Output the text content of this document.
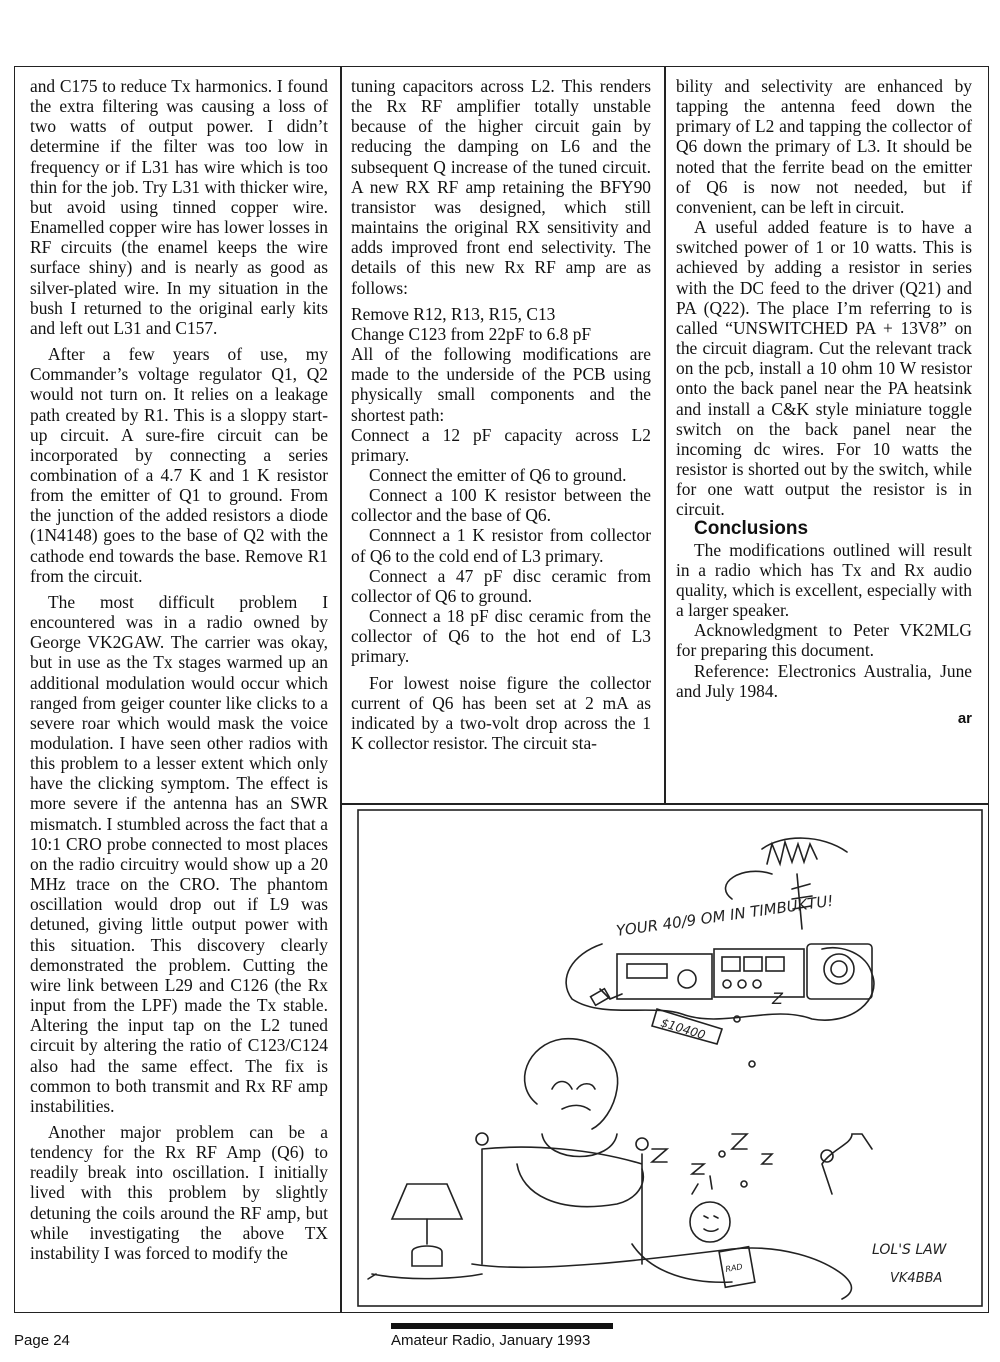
and C175 to reduce Tx harmonics. I found the extra filtering was causing a loss of two watts of output power. I didn’t determine if the filter was too low in frequency or if L31 has wire which is too thin for the job. Try L31 with thicker wire, but avoid using tinned copper wire. Enamelled copper wire has lower losses in RF circuits (the enamel keeps the wire surface shiny) and is nearly as good as silver-plated wire. In my situation in the bush I returned to the original early kits and left out L31 and C157.

After a few years of use, my Commander’s voltage regulator Q1, Q2 would not turn on. It relies on a leakage path created by R1. This is a sloppy start-up circuit. A sure-fire circuit can be incorporated by connecting a series combination of a 4.7 K and 1 K resistor from the emitter of Q1 to ground. From the junction of the added resistors a diode (1N4148) goes to the base of Q2 with the cathode end towards the base. Remove R1 from the circuit.

The most difficult problem I encountered was in a radio owned by George VK2GAW. The carrier was okay, but in use as the Tx stages warmed up an additional modulation would occur which ranged from geiger counter like clicks to a severe roar which would mask the voice modulation. I have seen other radios with this problem to a lesser extent which only have the clicking symptom. The effect is more severe if the antenna has an SWR mismatch. I stumbled across the fact that a 10:1 CRO probe connected to most places on the radio circuitry would show up a 20 MHz trace on the CRO. The phantom oscillation would drop out if L9 was detuned, giving little output power with this situation. This discovery clearly demonstrated the problem. Cutting the wire link between L29 and C126 (the Rx input from the LPF) made the Tx stable. Altering the input tap on the L2 tuned circuit by altering the ratio of C123/C124 also had the same effect. The fix is common to both transmit and Rx RF amp instabilities.

Another major problem can be a tendency for the Rx RF Amp (Q6) to readily break into oscillation. I initially lived with this problem by slightly detuning the coils around the RF amp, but while investigating the above TX instability I was forced to modify the

tuning capacitors across L2. This renders the Rx RF amplifier totally unstable because of the higher circuit gain by reducing the damping on L6 and the subsequent Q increase of the tuned circuit. A new RX RF amp retaining the BFY90 transistor was designed, which still maintains the original RX sensitivity and adds improved front end selectivity. The details of this new Rx RF amp are as follows:

Remove R12, R13, R15, C13

Change C123 from 22pF to 6.8 pF

All of the following modifications are made to the underside of the PCB using physically small components and the shortest path:

Connect a 12 pF capacity across L2 primary.

Connect the emitter of Q6 to ground.

Connect a 100 K resistor between the collector and the base of Q6.

Connnect a 1 K resistor from collector of Q6 to the cold end of L3 primary.

Connect a 47 pF disc ceramic from collector of Q6 to ground.

Connect a 18 pF disc ceramic from the collector of Q6 to the hot end of L3 primary.

For lowest noise figure the collector current of Q6 has been set at 2 mA as indicated by a two-volt drop across the 1 K collector resistor. The circuit sta-

bility and selectivity are enhanced by tapping the antenna feed down the primary of L2 and tapping the collector of Q6 down the primary of L3. It should be noted that the ferrite bead on the emitter of Q6 is now not needed, but if convenient, can be left in circuit.

A useful added feature is to have a switched power of 1 or 10 watts. This is achieved by adding a resistor in series with the DC feed to the driver (Q21) and PA (Q22). The place I’m referring to is called “UNSWITCHED PA + 13V8” on the circuit diagram. Cut the relevant track on the pcb, install a 10 ohm 10 W resistor onto the back panel near the PA heatsink and install a C&K style miniature toggle switch on the back panel near the incoming dc wires. For 10 watts the resistor is shorted out by the switch, while for one watt output the resistor is in circuit.

Conclusions

The modifications outlined will result in a radio which has Tx and Rx audio quality, which is excellent, especially with a larger speaker.

Acknowledgment to Peter VK2MLG for preparing this document.

Reference: Electronics Australia, June and July 1984.

ar
YOUR 40/9 OM IN TIMBUKTU!
$10400
RAD
Z
LOL'S LAW
VK4BBA
Page 24	Amateur Radio, January 1993
